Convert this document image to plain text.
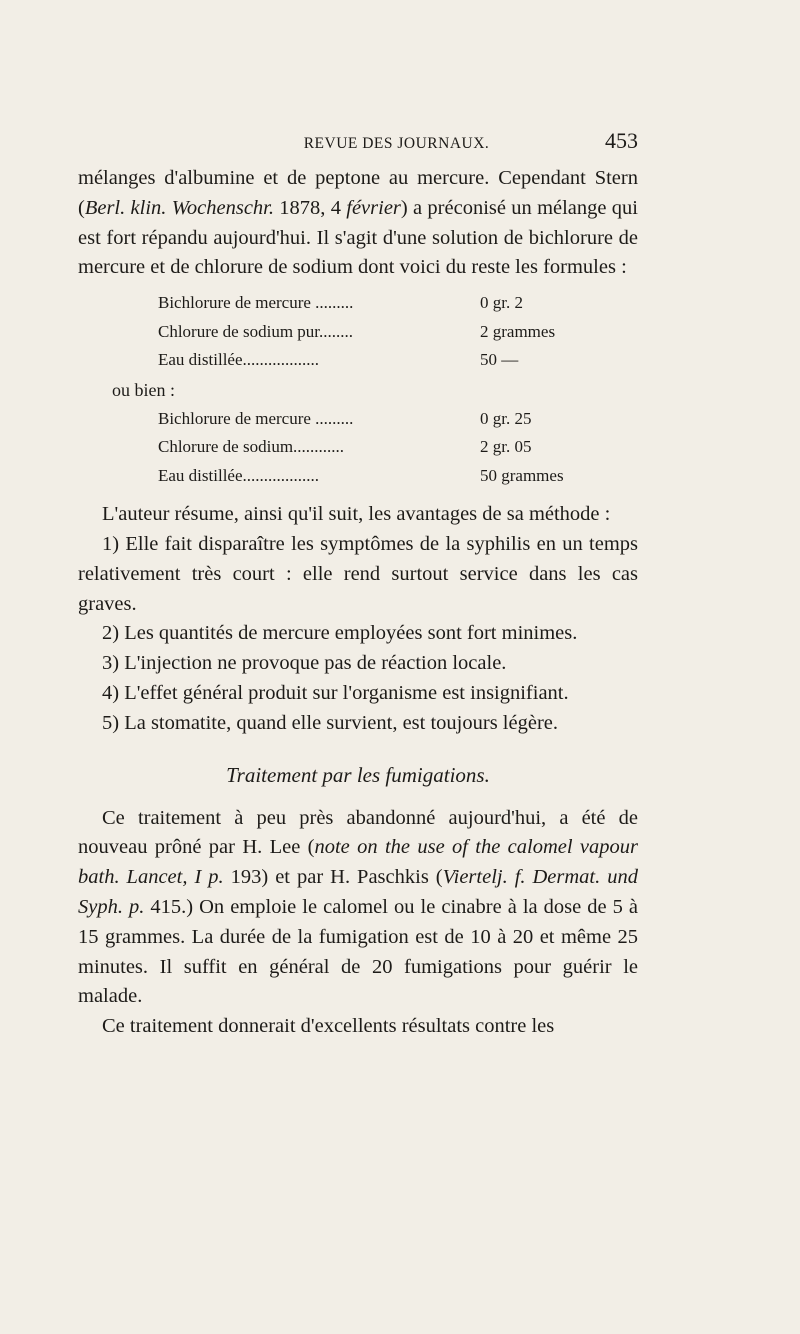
REVUE DES JOURNAUX.	453

mélanges d'albumine et de peptone au mercure. Cependant Stern (Berl. klin. Wochenschr. 1878, 4 février) a préconisé un mélange qui est fort répandu aujourd'hui. Il s'agit d'une solution de bichlorure de mercure et de chlorure de sodium dont voici du reste les formules :

Bichlorure de mercure .........	0 gr. 2
Chlorure de sodium pur........	2 grammes
Eau distillée..................	50 —
ou bien :
Bichlorure de mercure .........	0 gr. 25
Chlorure de sodium............	2 gr. 05
Eau distillée..................	50 grammes

L'auteur résume, ainsi qu'il suit, les avantages de sa méthode :

1) Elle fait disparaître les symptômes de la syphilis en un temps relativement très court : elle rend surtout service dans les cas graves.

2) Les quantités de mercure employées sont fort minimes.

3) L'injection ne provoque pas de réaction locale.

4) L'effet général produit sur l'organisme est insignifiant.

5) La stomatite, quand elle survient, est toujours légère.

Traitement par les fumigations.

Ce traitement à peu près abandonné aujourd'hui, a été de nouveau prôné par H. Lee (note on the use of the calomel vapour bath. Lancet, I p. 193) et par H. Paschkis (Viertelj. f. Dermat. und Syph. p. 415.) On emploie le calomel ou le cinabre à la dose de 5 à 15 grammes. La durée de la fumigation est de 10 à 20 et même 25 minutes. Il suffit en général de 20 fumigations pour guérir le malade.

Ce traitement donnerait d'excellents résultats contre les
